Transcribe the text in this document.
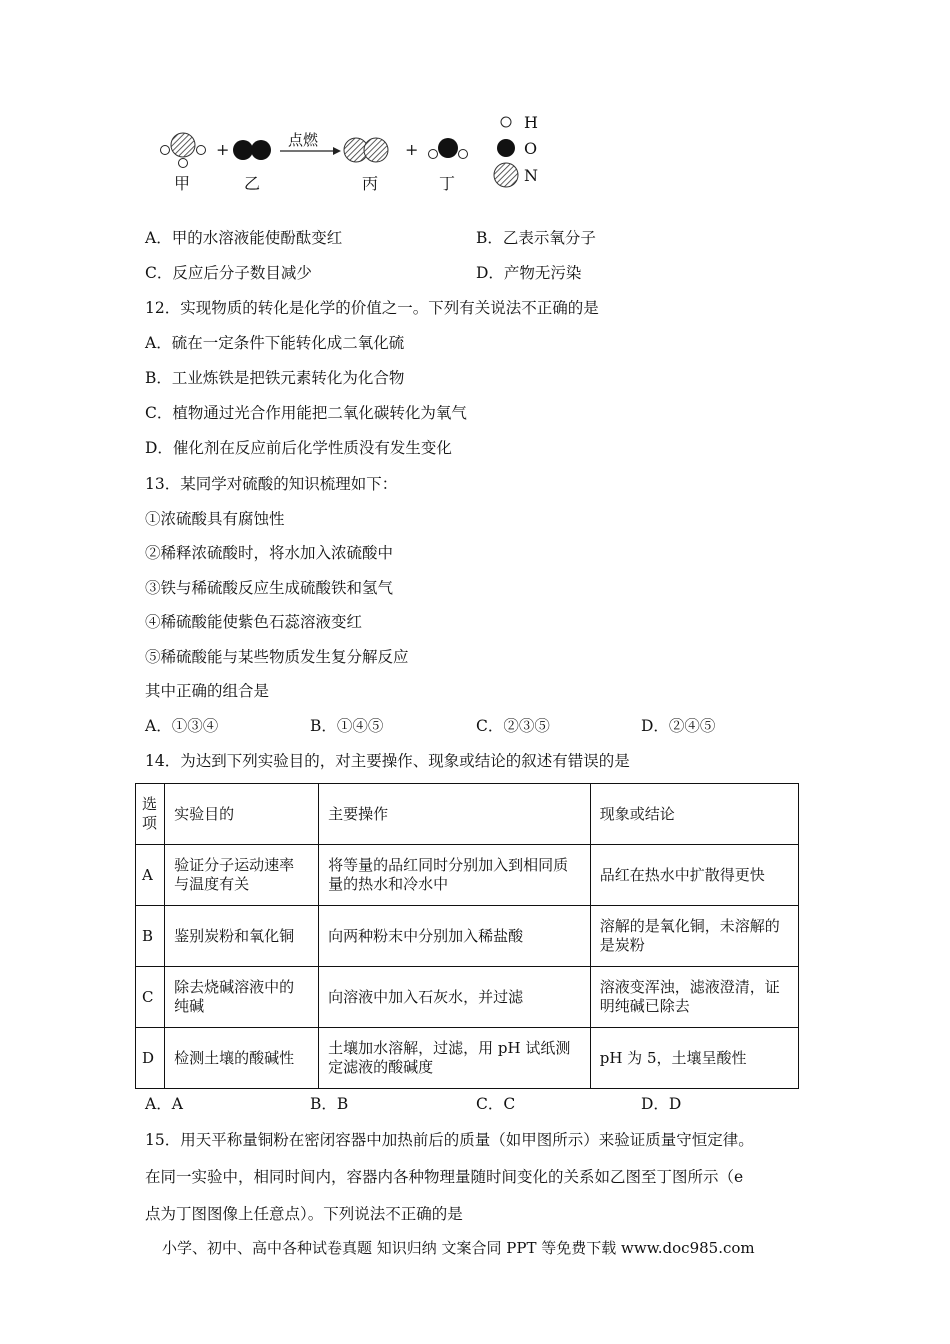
甲
+
乙
点燃
丙
+
丁
H
O
N
A．甲的水溶液能使酚酞变红	B．乙表示氧分子
C．反应后分子数目减少	D．产物无污染
12．实现物质的转化是化学的价值之一。下列有关说法不正确的是
A．硫在一定条件下能转化成二氧化硫
B．工业炼铁是把铁元素转化为化合物
C．植物通过光合作用能把二氧化碳转化为氧气
D．催化剂在反应前后化学性质没有发生变化
13．某同学对硫酸的知识梳理如下：
①浓硫酸具有腐蚀性
②稀释浓硫酸时，将水加入浓硫酸中
③铁与稀硫酸反应生成硫酸铁和氢气
④稀硫酸能使紫色石蕊溶液变红
⑤稀硫酸能与某些物质发生复分解反应
其中正确的组合是
A．①③④	B．①④⑤	C．②③⑤	D．②④⑤
14．为达到下列实验目的，对主要操作、现象或结论的叙述有错误的是
选项	实验目的	主要操作	现象或结论
A	验证分子运动速率与温度有关	将等量的品红同时分别加入到相同质量的热水和冷水中	品红在热水中扩散得更快
B	鉴别炭粉和氧化铜	向两种粉末中分别加入稀盐酸	溶解的是氧化铜，未溶解的是炭粉
C	除去烧碱溶液中的纯碱	向溶液中加入石灰水，并过滤	溶液变浑浊，滤液澄清，证明纯碱已除去
D	检测土壤的酸碱性	土壤加水溶解，过滤，用 pH 试纸测定滤液的酸碱度	pH 为 5，土壤呈酸性
A．A	B．B	C．C	D．D
15．用天平称量铜粉在密闭容器中加热前后的质量（如甲图所示）来验证质量守恒定律。
在同一实验中，相同时间内，容器内各种物理量随时间变化的关系如乙图至丁图所示（e
点为丁图图像上任意点）。下列说法不正确的是
小学、初中、高中各种试卷真题 知识归纳 文案合同 PPT 等免费下载 www.doc985.com
